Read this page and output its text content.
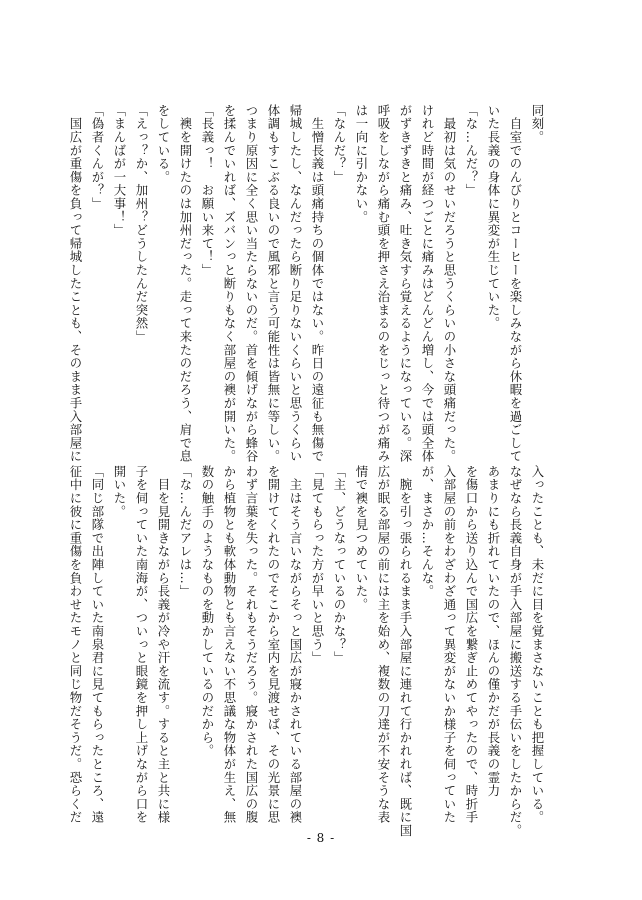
同刻。
　自室でのんびりとコーヒーを楽しみながら休暇を過ごして
いた長義の身体に異変が生じていた。
「な…んだ？」
　最初は気のせいだろうと思うくらいの小さな頭痛だった。
けれど時間が経つごとに痛みはどんどん増し、今では頭全体
がずきずきと痛み、吐き気すら覚えるようになっている。深
呼吸をしながら痛む頭を押さえ治まるのをじっと待つが痛み
は一向に引かない。
「なんだ？」
　生憎長義は頭痛持ちの個体ではない。昨日の遠征も無傷で
帰城したし、なんだったら断り足りないくらいと思うくらい
体調もすこぶる良いので風邪と言う可能性は皆無に等しい。
つまり原因に全く思い当たらないのだ。首を傾げながら蜂谷
を揉んでいれば、ズバンっと断りもなく部屋の襖が開いた。
「長義っ！　お願い来て！」
　襖を開けたのは加州だった。走って来たのだろう、肩で息
をしている。
「えっ？か、加州？どうしたんだ突然」
「まんばが一大事！」
「偽者くんが？」
　国広が重傷を負って帰城したことも、そのまま手入部屋に
入ったことも、未だに目を覚まさないことも把握している。
なぜなら長義自身が手入部屋に搬送する手伝いをしたからだ。
あまりにも折れていたので、ほんの僅かだが長義の霊力
を傷口から送り込んで国広を繋ぎ止めてやったので、時折手
入部屋の前をわざわざ通って異変がないか様子を伺っていた
が、まさか…そんな。
　腕を引っ張られるまま手入部屋に連れて行かれれば、既に国
広が眠る部屋の前には主を始め、複数の刀達が不安そうな表
情で襖を見つめていた。
「主、どうなっているのかな？」
「見てもらった方が早いと思う」
　主はそう言いながらそっと国広が寢かされている部屋の襖
を開けてくれたのでそこから室内を見渡せば、その光景に思
わず言葉を失った。それもそうだろう。寢かされた国広の腹
から植物とも軟体動物とも言えない不思議な物体が生え、無
数の触手のようなものを動かしているのだから。
「な…んだアレは…」
　目を見開きながら長義が冷や汗を流す。すると主と共に様
子を伺っていた南海が、ついっと眼鏡を押し上げながら口を
開いた。
「同じ部隊で出陣していた南泉君に見てもらったところ、遠
征中に彼に重傷を負わせたモノと同じ物だそうだ。恐らくだ
- 8 -
